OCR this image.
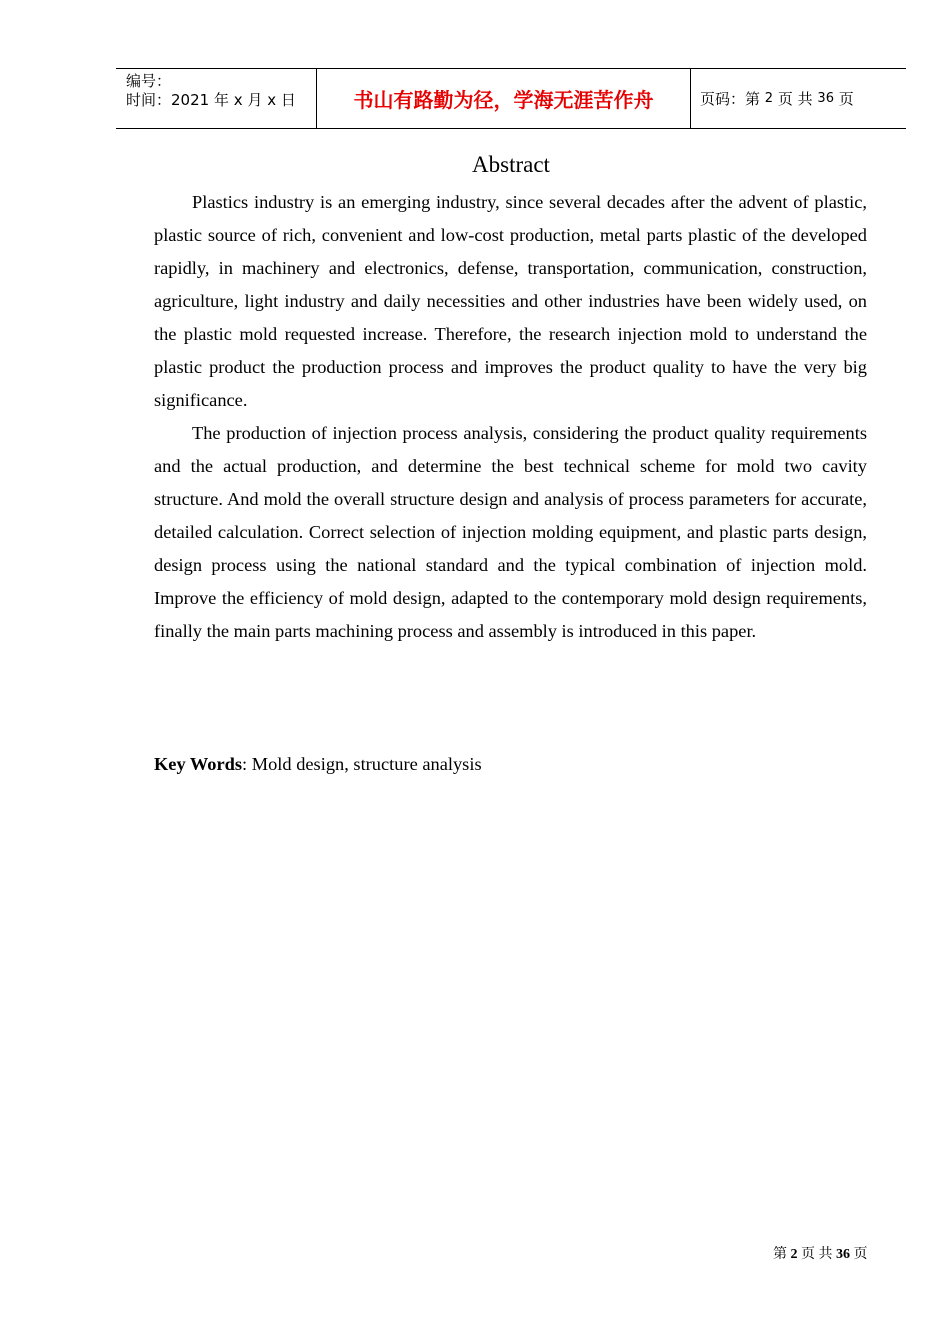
编号：
时间：2021 年 x 月 x 日	书山有路勤为径，学海无涯苦作舟	页码：第
2
页 共
36
页
Abstract

Plastics industry is an emerging industry, since several decades after the advent of plastic, plastic source of rich, convenient and low-cost production, metal parts plastic of the developed rapidly, in machinery and electronics, defense, transportation, communication, construction, agriculture, light industry and daily necessities and other industries have been widely used, on the plastic mold requested increase. Therefore, the research injection mold to understand the plastic product the production process and improves the product quality to have the very big significance.

The production of injection process analysis, considering the product quality requirements and the actual production, and determine the best technical scheme for mold two cavity structure. And mold the overall structure design and analysis of process parameters for accurate, detailed calculation. Correct selection of injection molding equipment, and plastic parts design, design process using the national standard and the typical combination of injection mold. Improve the efficiency of mold design, adapted to the contemporary mold design requirements, finally the main parts machining process and assembly is introduced in this paper.

Key Words: Mold design, structure analysis
第 2 页 共 36 页
